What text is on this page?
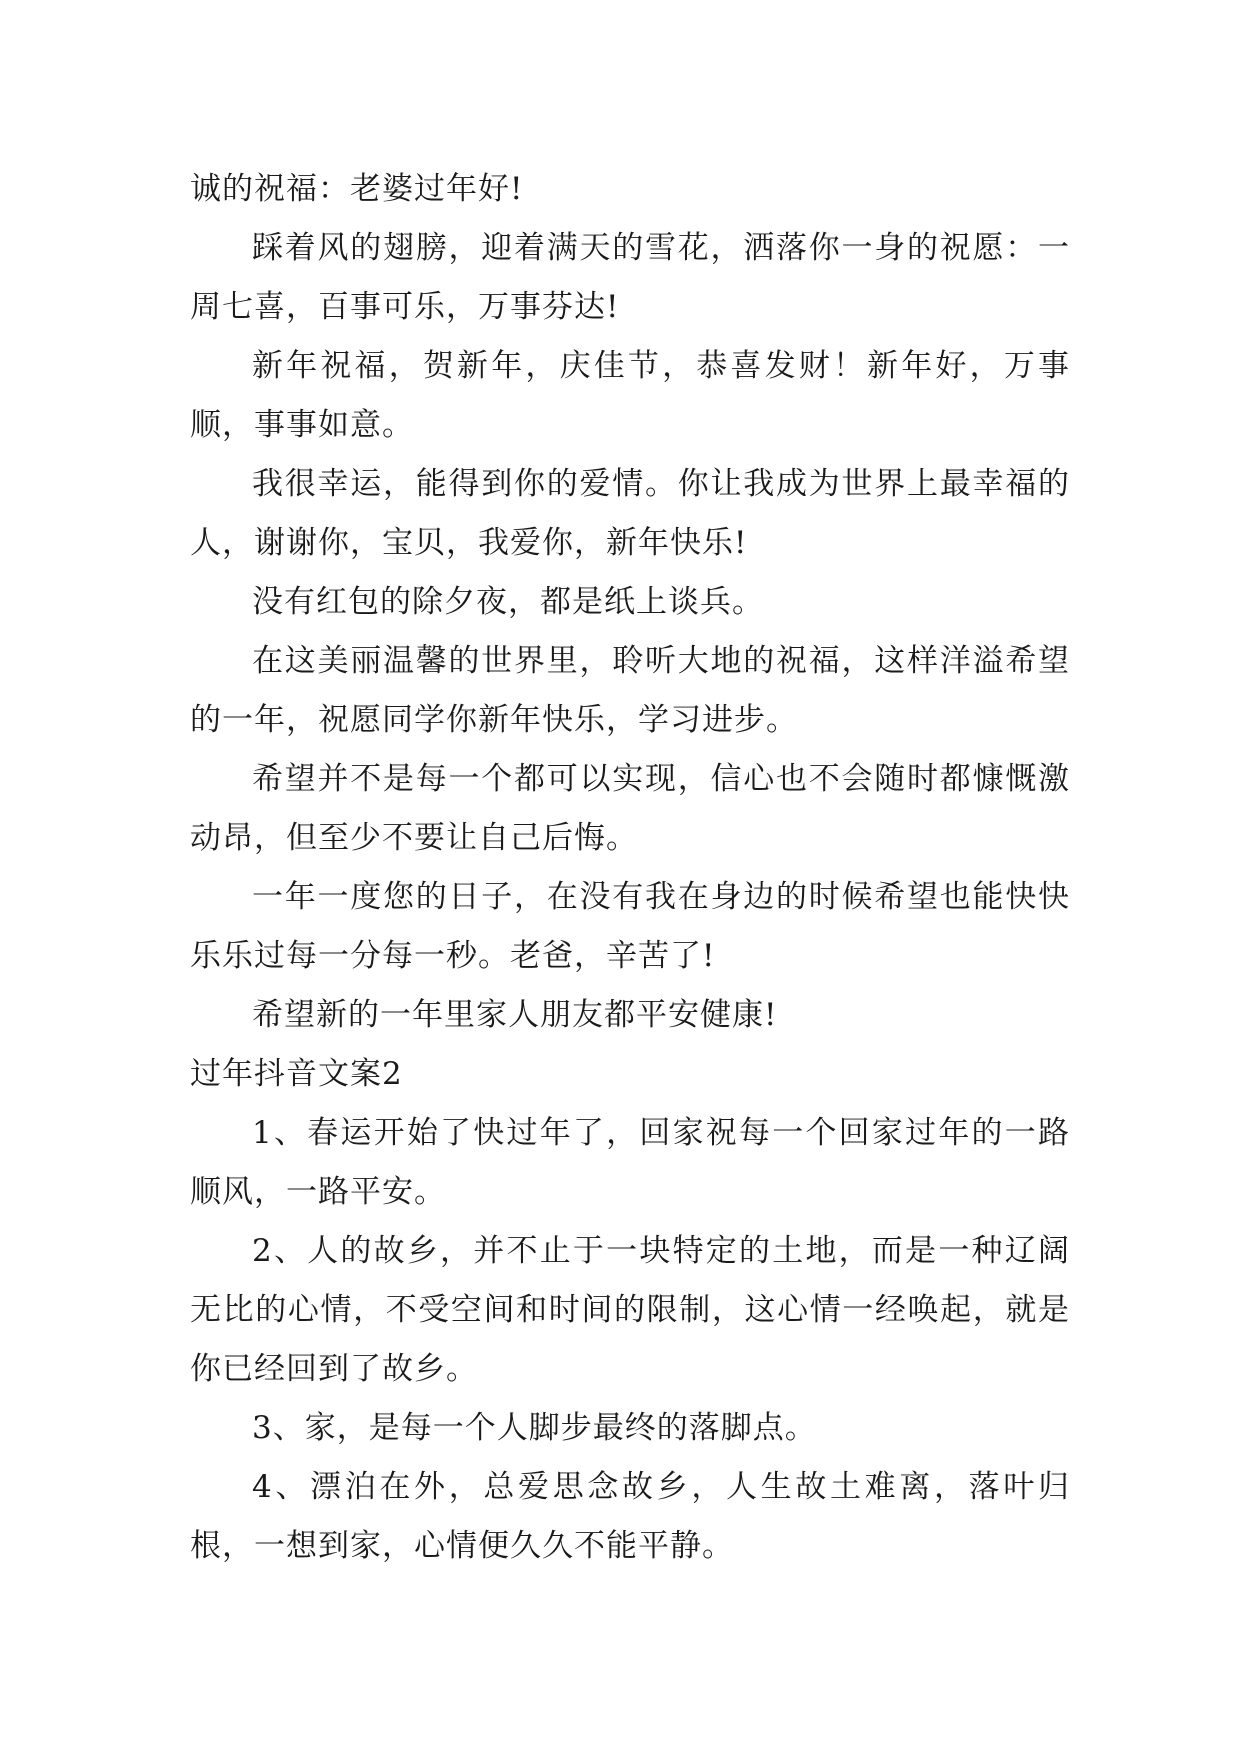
诚的祝福：老婆过年好!

踩着风的翅膀，迎着满天的雪花，洒落你一身的祝愿：一周七喜，百事可乐，万事芬达!

新年祝福，贺新年，庆佳节，恭喜发财！新年好，万事顺，事事如意。

我很幸运，能得到你的爱情。你让我成为世界上最幸福的人，谢谢你，宝贝，我爱你，新年快乐!

没有红包的除夕夜，都是纸上谈兵。

在这美丽温馨的世界里，聆听大地的祝福，这样洋溢希望的一年，祝愿同学你新年快乐，学习进步。

希望并不是每一个都可以实现，信心也不会随时都慷慨激动昂，但至少不要让自己后悔。

一年一度您的日子，在没有我在身边的时候希望也能快快乐乐过每一分每一秒。老爸，辛苦了!

希望新的一年里家人朋友都平安健康!

过年抖音文案2

1、春运开始了快过年了，回家祝每一个回家过年的一路顺风，一路平安。

2、人的故乡，并不止于一块特定的土地，而是一种辽阔无比的心情，不受空间和时间的限制，这心情一经唤起，就是你已经回到了故乡。

3、家，是每一个人脚步最终的落脚点。

4、漂泊在外，总爱思念故乡，人生故土难离，落叶归根，一想到家，心情便久久不能平静。
